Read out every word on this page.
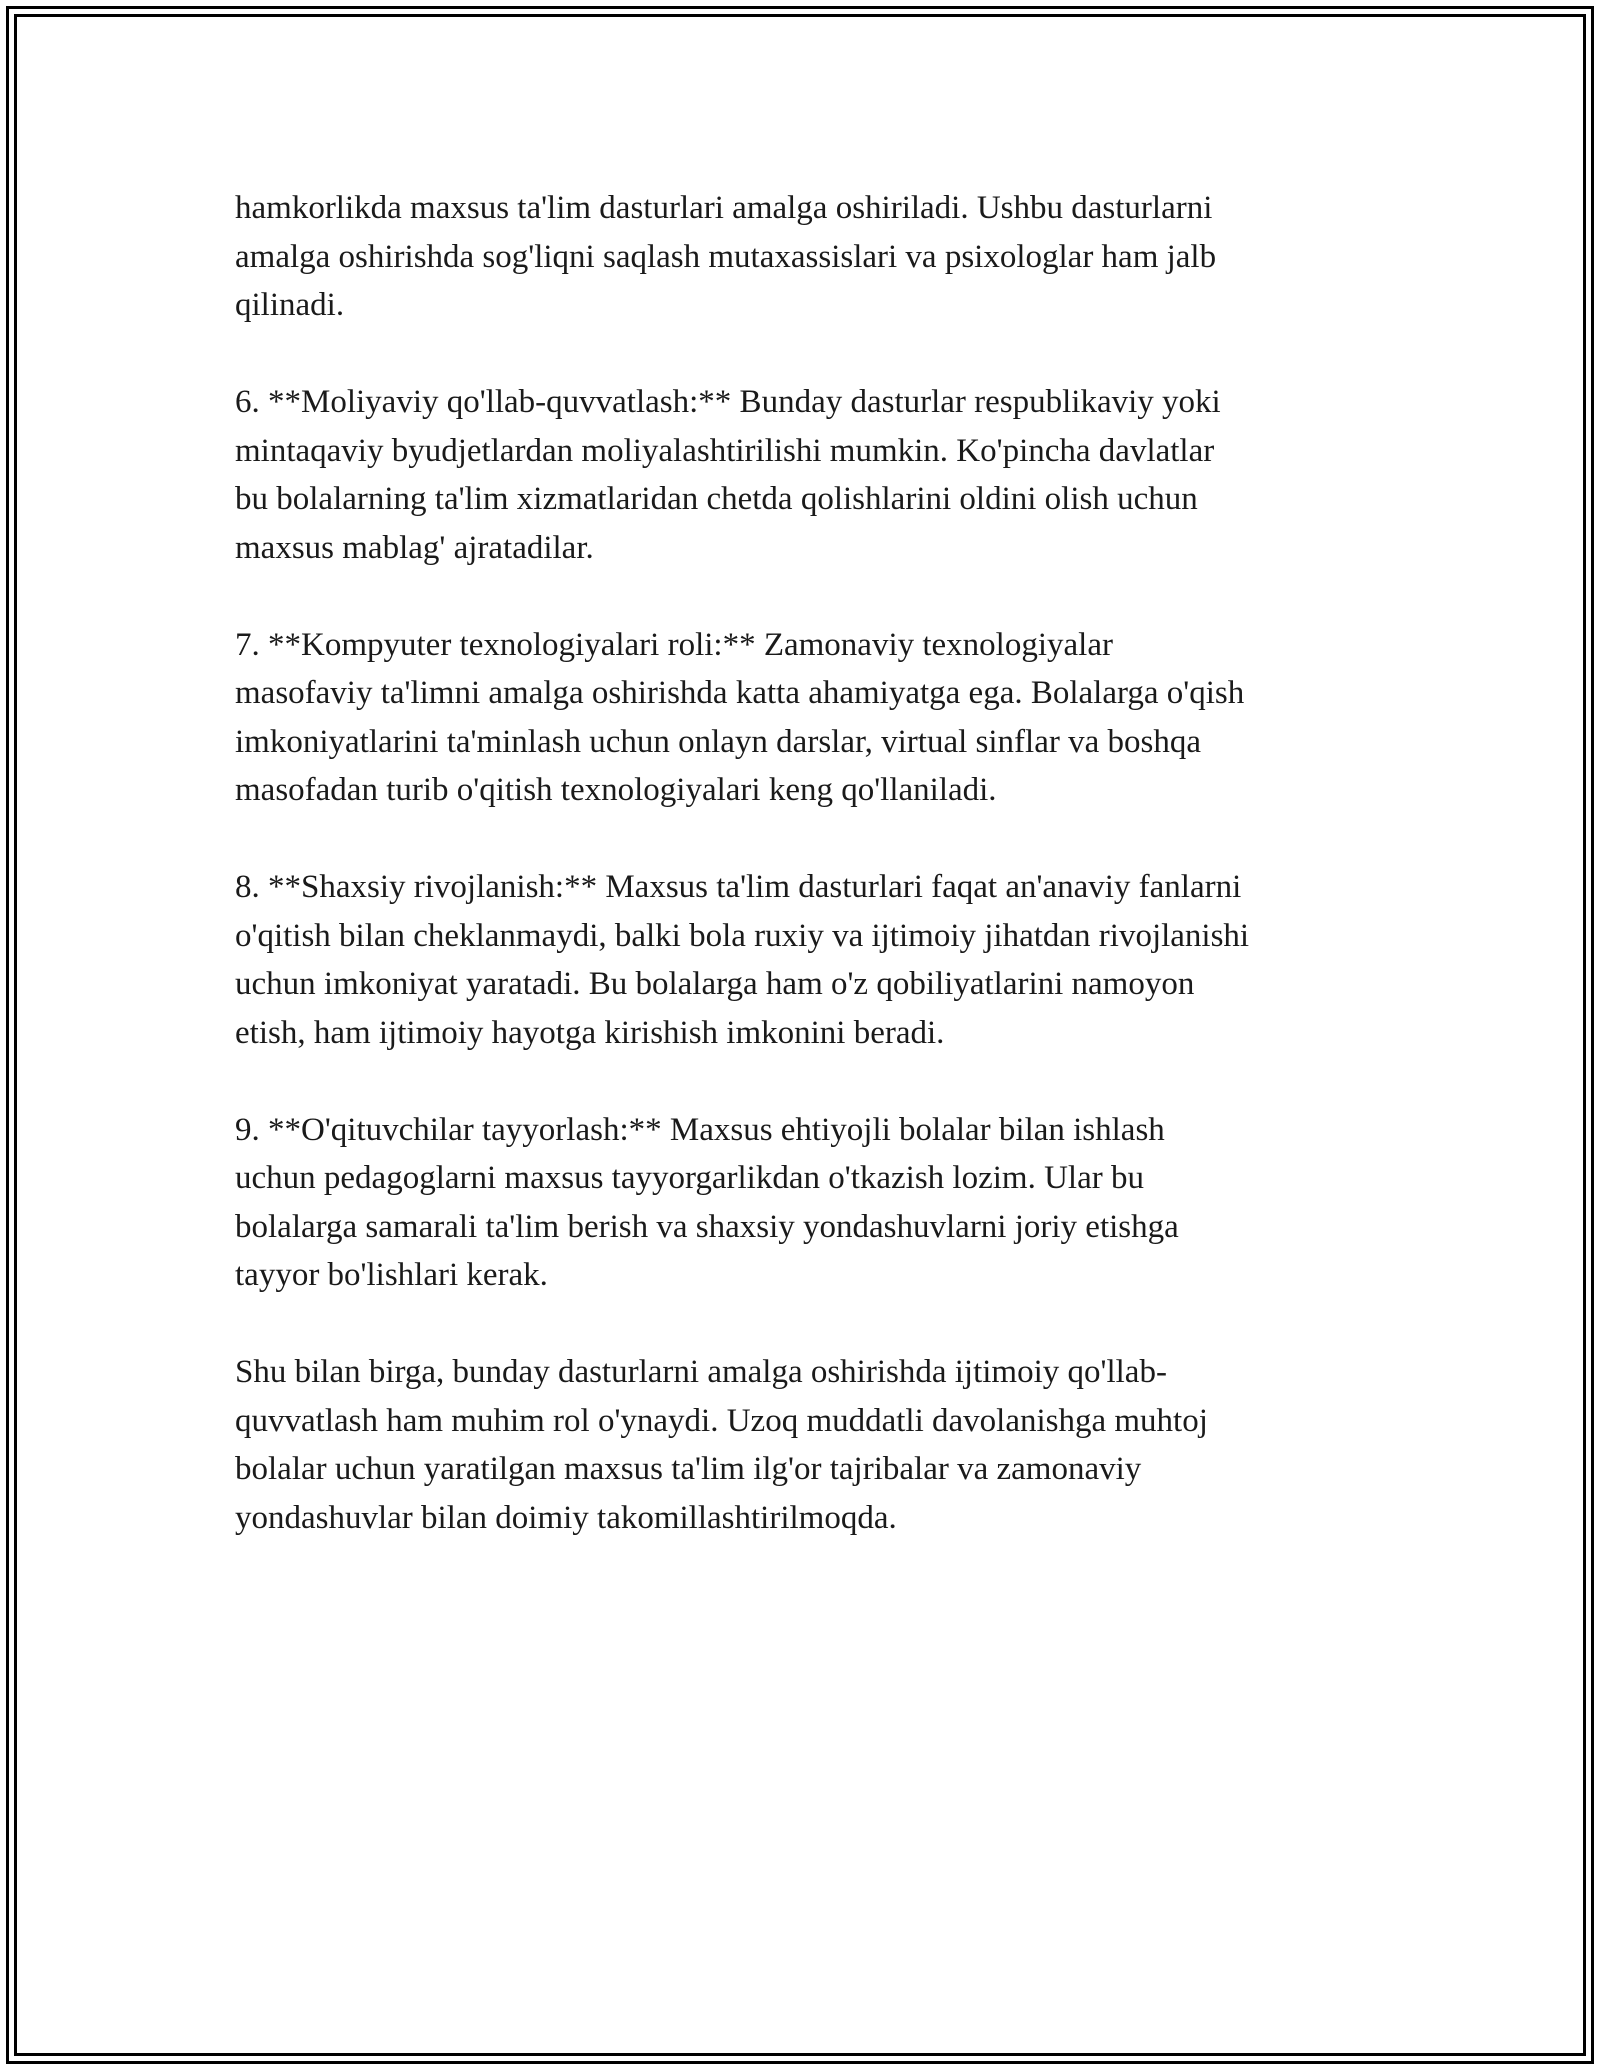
hamkorlikda maxsus ta'lim dasturlari amalga oshiriladi. Ushbu dasturlarni
amalga oshirishda sog'liqni saqlash mutaxassislari va psixologlar ham jalb
qilinadi.

6. **Moliyaviy qo'llab-quvvatlash:** Bunday dasturlar respublikaviy yoki
mintaqaviy byudjetlardan moliyalashtirilishi mumkin. Ko'pincha davlatlar
bu bolalarning ta'lim xizmatlaridan chetda qolishlarini oldini olish uchun
maxsus mablag' ajratadilar.

7. **Kompyuter texnologiyalari roli:** Zamonaviy texnologiyalar
masofaviy ta'limni amalga oshirishda katta ahamiyatga ega. Bolalarga o'qish
imkoniyatlarini ta'minlash uchun onlayn darslar, virtual sinflar va boshqa
masofadan turib o'qitish texnologiyalari keng qo'llaniladi.

8. **Shaxsiy rivojlanish:** Maxsus ta'lim dasturlari faqat an'anaviy fanlarni
o'qitish bilan cheklanmaydi, balki bola ruxiy va ijtimoiy jihatdan rivojlanishi
uchun imkoniyat yaratadi. Bu bolalarga ham o'z qobiliyatlarini namoyon
etish, ham ijtimoiy hayotga kirishish imkonini beradi.

9. **O'qituvchilar tayyorlash:** Maxsus ehtiyojli bolalar bilan ishlash
uchun pedagoglarni maxsus tayyorgarlikdan o'tkazish lozim. Ular bu
bolalarga samarali ta'lim berish va shaxsiy yondashuvlarni joriy etishga
tayyor bo'lishlari kerak.

Shu bilan birga, bunday dasturlarni amalga oshirishda ijtimoiy qo'llab-
quvvatlash ham muhim rol o'ynaydi. Uzoq muddatli davolanishga muhtoj
bolalar uchun yaratilgan maxsus ta'lim ilg'or tajribalar va zamonaviy
yondashuvlar bilan doimiy takomillashtirilmoqda.
